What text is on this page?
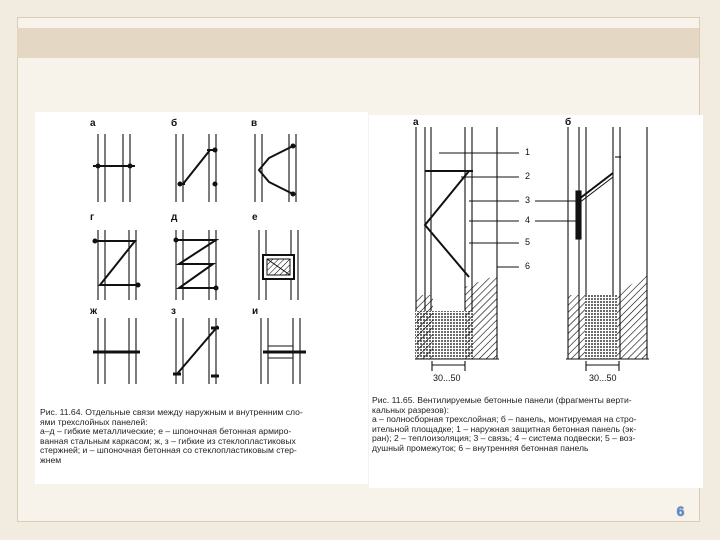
а	б	в
г	д	е
ж	з	и
Рис. 11.64. Отдельные связи между наружным и внутренним сло-
ями трехслойных панелей:
а–д – гибкие металлические; е – шпоночная бетонная армиро-
ванная стальным каркасом; ж, з – гибкие из стеклопластиковых
стержней; и – шпоночная бетонная со стеклопластиковым стер-
жнем
а	б
1
2
3
4
5
6
30...50	30...50
Рис. 11.65. Вентилируемые бетонные панели (фрагменты верти-
кальных разрезов):
а – полносборная трехслойная; б – панель, монтируемая на стро-
ительной площадке; 1 – наружная защитная бетонная панель (эк-
ран); 2 – теплоизоляция; 3 – связь; 4 – система подвески; 5 – воз-
душный промежуток; 6 – внутренняя бетонная панель
6
